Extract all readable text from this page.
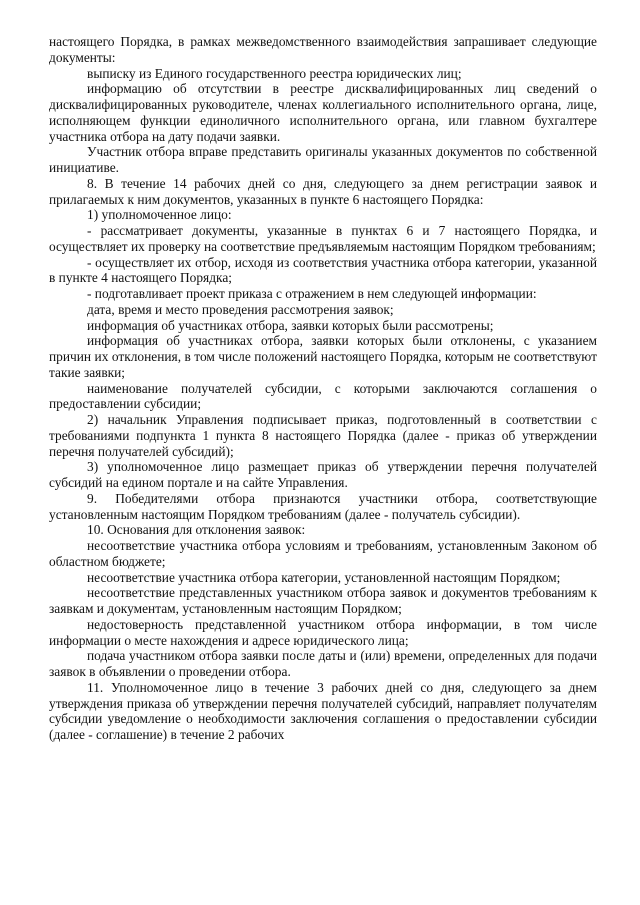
настоящего Порядка, в рамках межведомственного взаимодействия запрашивает следующие документы:

выписку из Единого государственного реестра юридических лиц;

информацию об отсутствии в реестре дисквалифицированных лиц сведений о дисквалифицированных руководителе, членах коллегиального исполнительного органа, лице, исполняющем функции единоличного исполнительного органа, или главном бухгалтере участника отбора на дату подачи заявки.

Участник отбора вправе представить оригиналы указанных документов по собственной инициативе.

8. В течение 14 рабочих дней со дня, следующего за днем регистрации заявок и прилагаемых к ним документов, указанных в пункте 6 настоящего Порядка:

1) уполномоченное лицо:

- рассматривает документы, указанные в пунктах 6 и 7 настоящего Порядка, и осуществляет их проверку на соответствие предъявляемым настоящим Порядком требованиям;

- осуществляет их отбор, исходя из соответствия участника отбора категории, указанной в пункте 4 настоящего Порядка;

- подготавливает проект приказа с отражением в нем следующей информации:

дата, время и место проведения рассмотрения заявок;

информация об участниках отбора, заявки которых были рассмотрены;

информация об участниках отбора, заявки которых были отклонены, с указанием причин их отклонения, в том числе положений настоящего Порядка, которым не соответствуют такие заявки;

наименование получателей субсидии, с которыми заключаются соглашения о предоставлении субсидии;

2) начальник Управления подписывает приказ, подготовленный в соответствии с требованиями подпункта 1 пункта 8 настоящего Порядка (далее - приказ об утверждении перечня получателей субсидий);

3) уполномоченное лицо размещает приказ об утверждении перечня получателей субсидий на едином портале и на сайте Управления.

9. Победителями отбора признаются участники отбора, соответствующие установленным настоящим Порядком требованиям (далее - получатель субсидии).

10. Основания для отклонения заявок:

несоответствие участника отбора условиям и требованиям, установленным Законом об областном бюджете;

несоответствие участника отбора категории, установленной настоящим Порядком;

несоответствие представленных участником отбора заявок и документов требованиям к заявкам и документам, установленным настоящим Порядком;

недостоверность представленной участником отбора информации, в том числе информации о месте нахождения и адресе юридического лица;

подача участником отбора заявки после даты и (или) времени, определенных для подачи заявок в объявлении о проведении отбора.

11. Уполномоченное лицо в течение 3 рабочих дней со дня, следующего за днем утверждения приказа об утверждении перечня получателей субсидий, направляет получателям субсидии уведомление о необходимости заключения соглашения о предоставлении субсидии (далее - соглашение) в течение 2 рабочих
